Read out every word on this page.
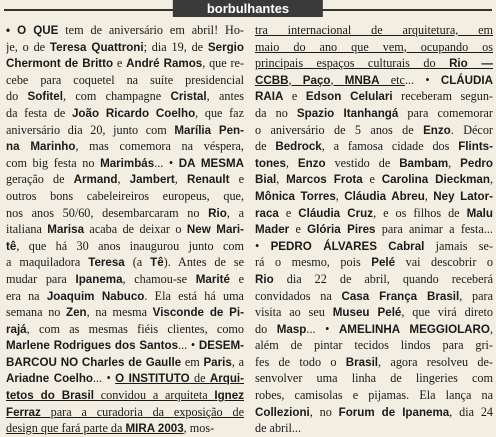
borbulhantes
• O QUE tem de aniversário em abril! Ho-
je, o de Teresa Quattroni; dia 19, de Sergio
Chermont de Britto e André Ramos, que re-
cebe para coquetel na suíte presidencial
do Sofitel, com champagne Cristal, antes
da festa de João Ricardo Coelho, que faz
aniversário dia 20, junto com Marília Pen-
na Marinho, mas comemora na véspera,
com big festa no Marimbás... • DA MESMA
geração de Armand, Jambert, Renault e
outros bons cabeleireiros europeus, que,
nos anos 50/60, desembarcaram no Rio, a
italiana Marisa acaba de deixar o New Mari-
tê, que há 30 anos inaugurou junto com
a maquiladora Teresa (a Tê). Antes de se
mudar para Ipanema, chamou-se Marité e
era na Joaquim Nabuco. Ela está há uma
semana no Zen, na mesma Visconde de Pi-
rajá, com as mesmas fiéis clientes, como
Marlene Rodrigues dos Santos... • DESEM-
BARCOU NO Charles de Gaulle em Paris, a
Ariadne Coelho... • O INSTITUTO de Arqui-
tetos do Brasil convidou a arquiteta Ignez
Ferraz para a curadoria da exposição de
design que fará parte da MIRA 2003, mos-
tra internacional de arquitetura, em
maio do ano que vem, ocupando os
principais espaços culturais do Rio —
CCBB, Paço, MNBA etc... • CLÁUDIA
RAIA e Edson Celulari receberam segun-
da no Spazio Itanhangá para comemorar
o aniversário de 5 anos de Enzo. Décor
de Bedrock, a famosa cidade dos Flints-
tones, Enzo vestido de Bambam, Pedro
Bial, Marcos Frota e Carolina Dieckman,
Mônica Torres, Cláudia Abreu, Ney Lator-
raca e Cláudia Cruz, e os filhos de Malu
Mader e Glória Pires para animar a festa...
• PEDRO ÁLVARES Cabral jamais se-
rá o mesmo, pois Pelé vai descobrir o
Rio dia 22 de abril, quando receberá
convidados na Casa França Brasil, para
visita ao seu Museu Pelé, que virá direto
do Masp... • AMELINHA MEGGIOLARO,
além de pintar tecidos lindos para gri-
fes de todo o Brasil, agora resolveu de-
senvolver uma linha de lingeries com
robes, camisolas e pijamas. Ela lança na
Collezioni, no Forum de Ipanema, dia 24
de abril...
